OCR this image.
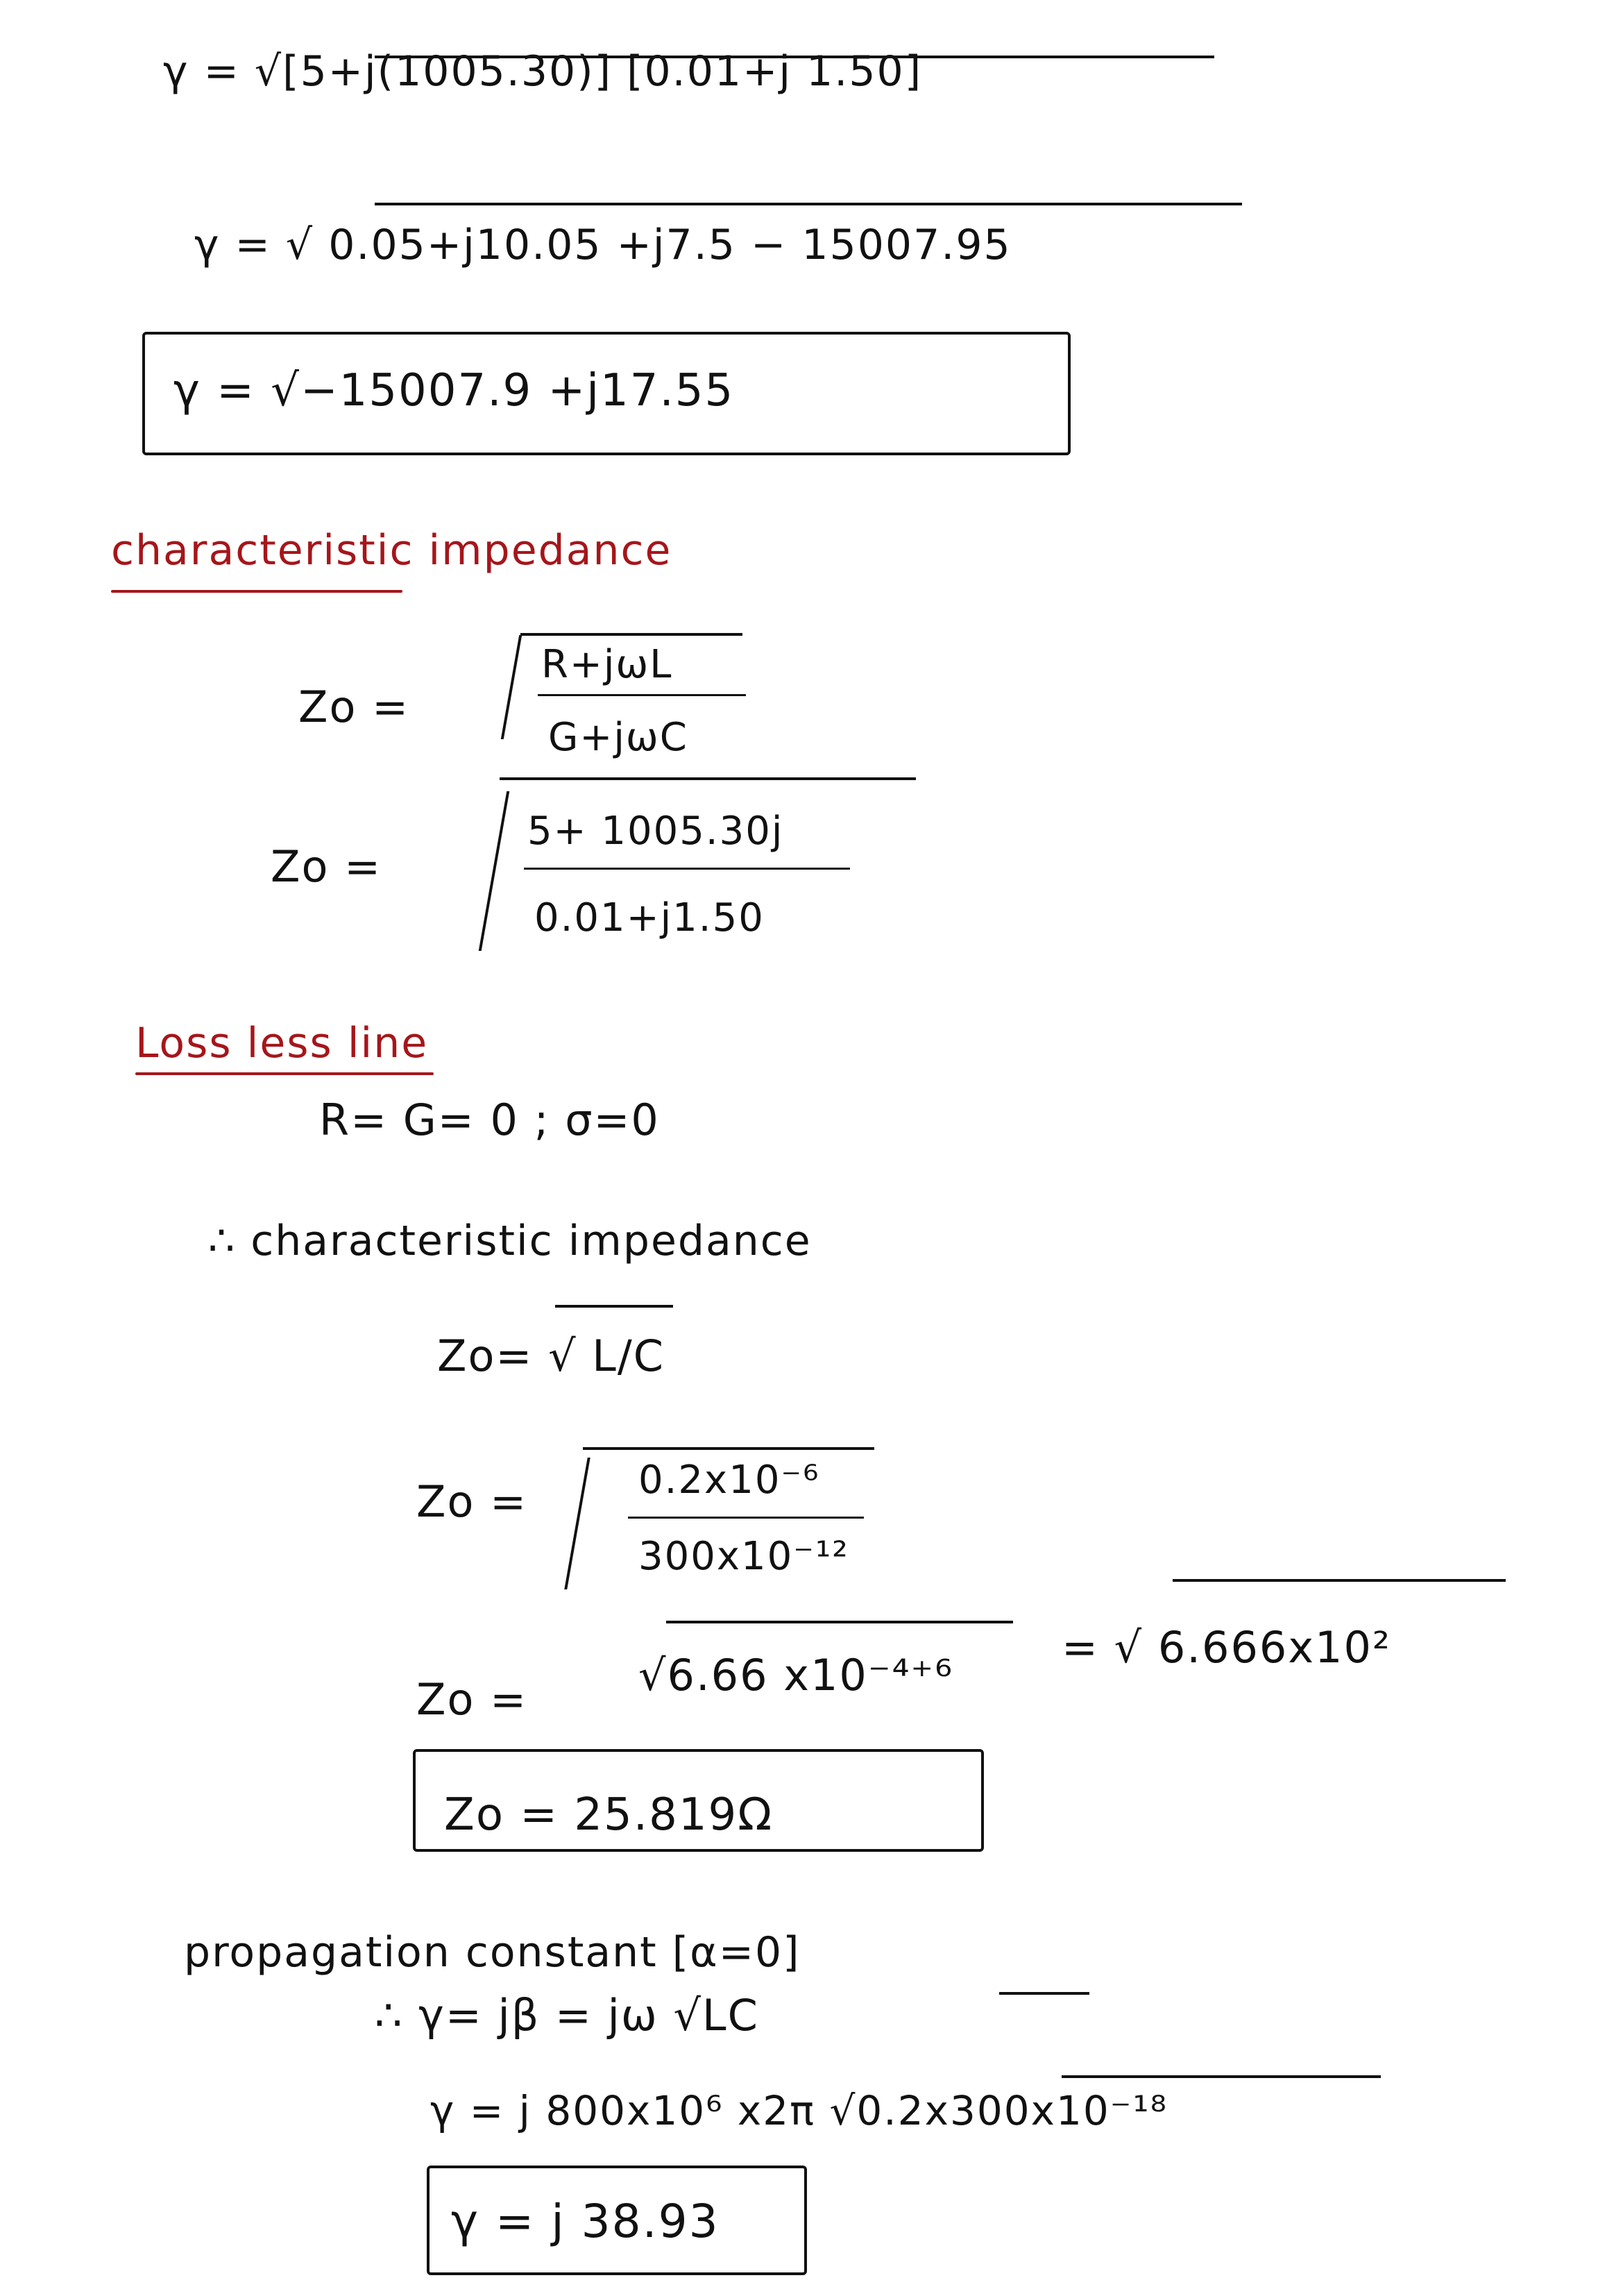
γ = √[5+j(1005.30)] [0.01+j 1.50]
γ = √ 0.05+j10.05 +j7.5 − 15007.95
γ = √−15007.9 +j17.55
characteristic impedance
Zo =
R+jωL
G+jωC
Zo =
5+ 1005.30j
0.01+j1.50
Loss less line
R= G= 0 ; σ=0
∴ characteristic impedance
Zo= √ L/C
Zo =	0.2x10⁻⁶
300x10⁻¹²
Zo =	√6.66 x10⁻⁴⁺⁶
= √ 6.666x10²
Zo = 25.819Ω
propagation constant [α=0]
∴ γ= jβ = jω √LC
γ = j 800x10⁶ x2π √0.2x300x10⁻¹⁸
γ = j 38.93
